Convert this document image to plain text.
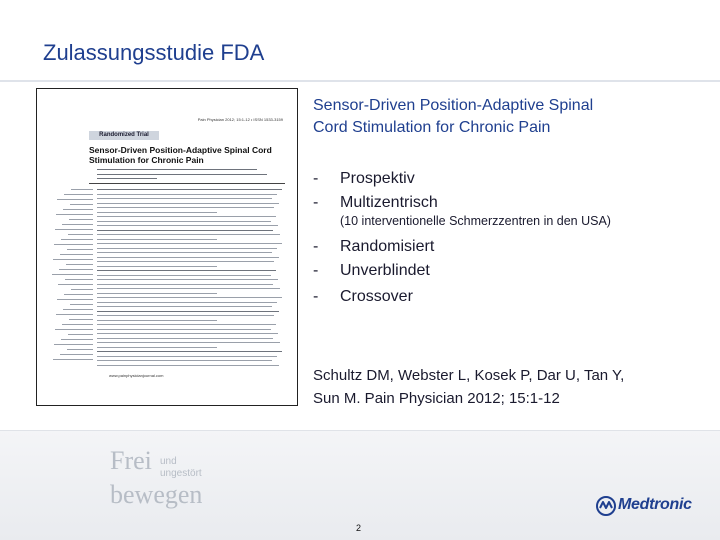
Zulassungsstudie FDA
Pain Physician 2012; 15:1-12 • ISSN 1533-3159
Randomized Trial
Sensor-Driven Position-Adaptive Spinal Cord Stimulation for Chronic Pain
www.painphysicianjournal.com
Sensor-Driven Position-Adaptive Spinal
Cord Stimulation for Chronic Pain
- Prospektiv
- Multizentrisch
(10 interventionelle Schmerzzentren in den USA)
- Randomisiert
- Unverblindet
- Crossover
Schultz DM, Webster L, Kosek P, Dar U, Tan Y,
Sun M. Pain Physician 2012; 15:1-12
Frei und
ungestört
bewegen
2
Medtronic
